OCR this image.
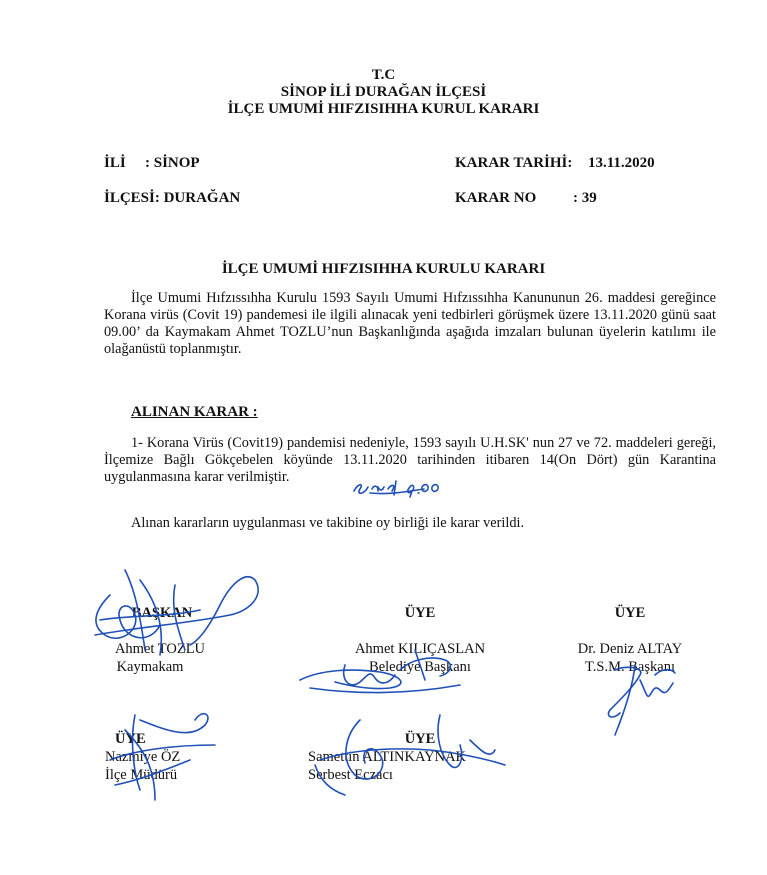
T.C
SİNOP İLİ DURAĞAN İLÇESİ
İLÇE UMUMİ HIFZISIHHA KURUL KARARI
İLİ : SİNOP
İLÇESİ: DURAĞAN
KARAR TARİHİ: 13.11.2020
KARAR NO : 39
İLÇE UMUMİ HIFZISIHHA KURULU KARARI
İlçe Umumi Hıfzıssıhha Kurulu 1593 Sayılı Umumi Hıfzıssıhha Kanununun 26. maddesi gereğince Korana virüs (Covit 19) pandemesi ile ilgili alınacak yeni tedbirleri görüşmek üzere 13.11.2020 günü saat 09.00’ da Kaymakam Ahmet TOZLU’nun Başkanlığında aşağıda imzaları bulunan üyelerin katılımı ile olağanüstü toplanmıştır.
ALINAN KARAR :
1- Korana Virüs (Covit19) pandemisi nedeniyle, 1593 sayılı U.H.SK' nun 27 ve 72. maddeleri gereği, İlçemize Bağlı Gökçebelen köyünde 13.11.2020 tarihinden itibaren 14(On Dört) gün Karantina uygulanmasına karar verilmiştir.
Alınan kararların uygulanması ve takibine oy birliği ile karar verildi.
BAŞKAN
Ahmet TOZLU
Kaymakam
ÜYE
Ahmet KILIÇASLAN
Belediye Başkanı
ÜYE
Dr. Deniz ALTAY
T.S.M. Başkanı
ÜYE
Nazmiye ÖZ
İlçe Müdürü
ÜYE
Samettin ALTINKAYNAK
Serbest Eczacı
